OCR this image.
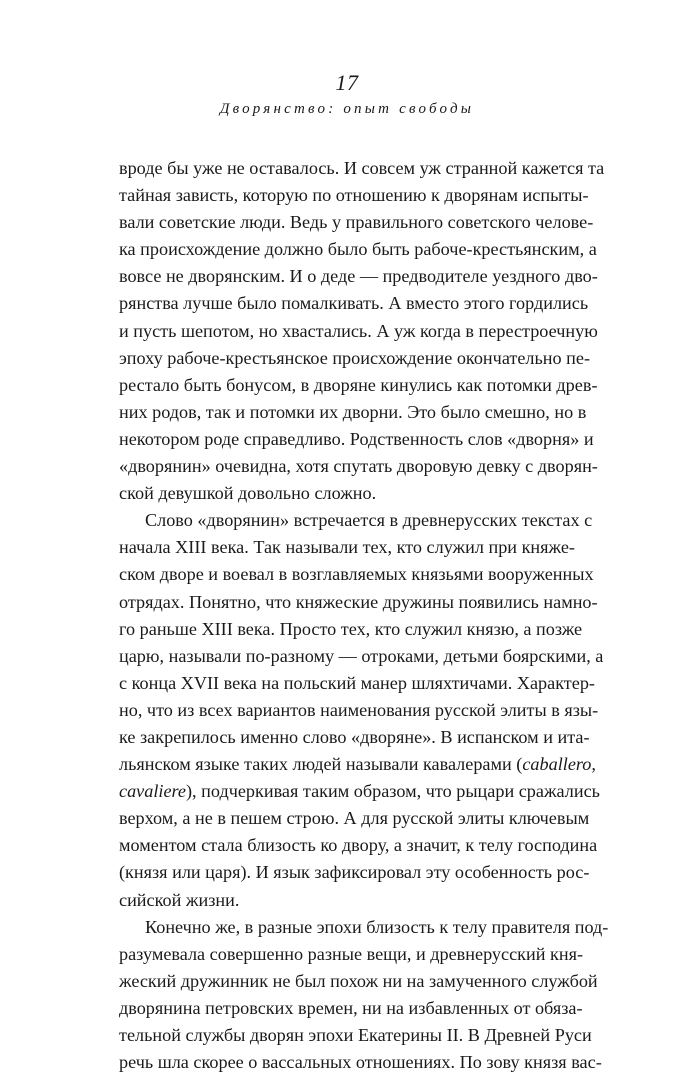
17
Дворянство: опыт свободы
вроде бы уже не оставалось. И совсем уж странной кажется та
тайная зависть, которую по отношению к дворянам испыты-
вали советские люди. Ведь у правильного советского челове-
ка происхождение должно было быть рабоче-крестьянским, а
вовсе не дворянским. И о деде — предводителе уездного дво-
рянства лучше было помалкивать. А вместо этого гордились
и пусть шепотом, но хвастались. А уж когда в перестроечную
эпоху рабоче-крестьянское происхождение окончательно пе-
рестало быть бонусом, в дворяне кинулись как потомки древ-
них родов, так и потомки их дворни. Это было смешно, но в
некотором роде справедливо. Родственность слов «дворня» и
«дворянин» очевидна, хотя спутать дворовую девку с дворян-
ской девушкой довольно сложно.
Слово «дворянин» встречается в древнерусских текстах с
начала XIII века. Так называли тех, кто служил при княже-
ском дворе и воевал в возглавляемых князьями вооруженных
отрядах. Понятно, что княжеские дружины появились намно-
го раньше XIII века. Просто тех, кто служил князю, а позже
царю, называли по-разному — отроками, детьми боярскими, а
с конца XVII века на польский манер шляхтичами. Характер-
но, что из всех вариантов наименования русской элиты в язы-
ке закрепилось именно слово «дворяне». В испанском и ита-
льянском языке таких людей называли кавалерами (caballero,
cavaliere), подчеркивая таким образом, что рыцари сражались
верхом, а не в пешем строю. А для русской элиты ключевым
моментом стала близость ко двору, а значит, к телу господина
(князя или царя). И язык зафиксировал эту особенность рос-
сийской жизни.
Конечно же, в разные эпохи близость к телу правителя под-
разумевала совершенно разные вещи, и древнерусский кня-
жеский дружинник не был похож ни на замученного службой
дворянина петровских времен, ни на избавленных от обяза-
тельной службы дворян эпохи Екатерины II. В Древней Руси
речь шла скорее о вассальных отношениях. По зову князя вас-
